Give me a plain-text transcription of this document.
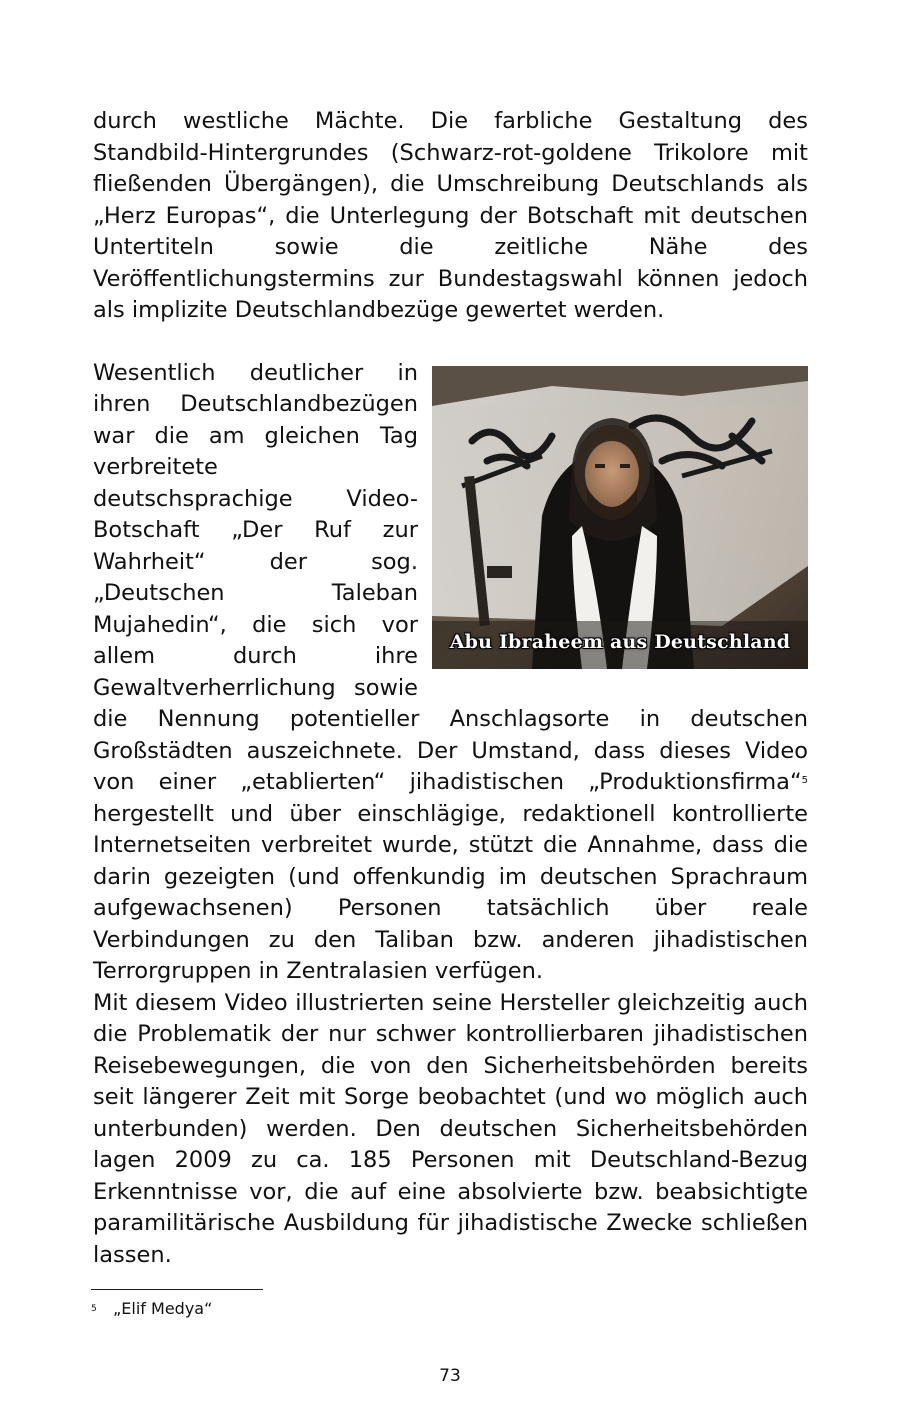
durch westliche Mächte. Die farbliche Gestaltung des Standbild-Hintergrundes (Schwarz-rot-goldene Trikolore mit fließenden Übergängen), die Umschreibung Deutschlands als „Herz Europas“, die Unterlegung der Botschaft mit deutschen Untertiteln sowie die zeitliche Nähe des Veröffentlichungstermins zur Bundestagswahl können jedoch als implizite Deutschlandbezüge gewertet werden.

Abu Ibraheem aus Deutschland

Wesentlich deutlicher in ihren Deutschlandbezügen war die am gleichen Tag verbreitete deutschsprachige Video-Botschaft „Der Ruf zur Wahrheit“ der sog. „Deutschen Taleban Mujahedin“, die sich vor allem durch ihre Gewaltverherrlichung sowie die Nennung potentieller Anschlagsorte in deutschen Großstädten auszeichnete. Der Umstand, dass dieses Video von einer „etablierten“ jihadistischen „Produktionsfirma“$^5$ hergestellt und über einschlägige, redaktionell kontrollierte Internetseiten verbreitet wurde, stützt die Annahme, dass die darin gezeigten (und offenkundig im deutschen Sprachraum aufgewachsenen) Personen tatsächlich über reale Verbindungen zu den Taliban bzw. anderen jihadistischen Terrorgruppen in Zentralasien verfügen.

Mit diesem Video illustrierten seine Hersteller gleichzeitig auch die Problematik der nur schwer kontrollierbaren jihadistischen Reisebewegungen, die von den Sicherheitsbehörden bereits seit längerer Zeit mit Sorge beobachtet (und wo möglich auch unterbunden) werden. Den deutschen Sicherheitsbehörden lagen 2009 zu ca. 185 Personen mit Deutschland-Bezug Erkenntnisse vor, die auf eine absolvierte bzw. beabsichtigte paramilitärische Ausbildung für jihadistische Zwecke schließen lassen.

5 „Elif Medya“
73
